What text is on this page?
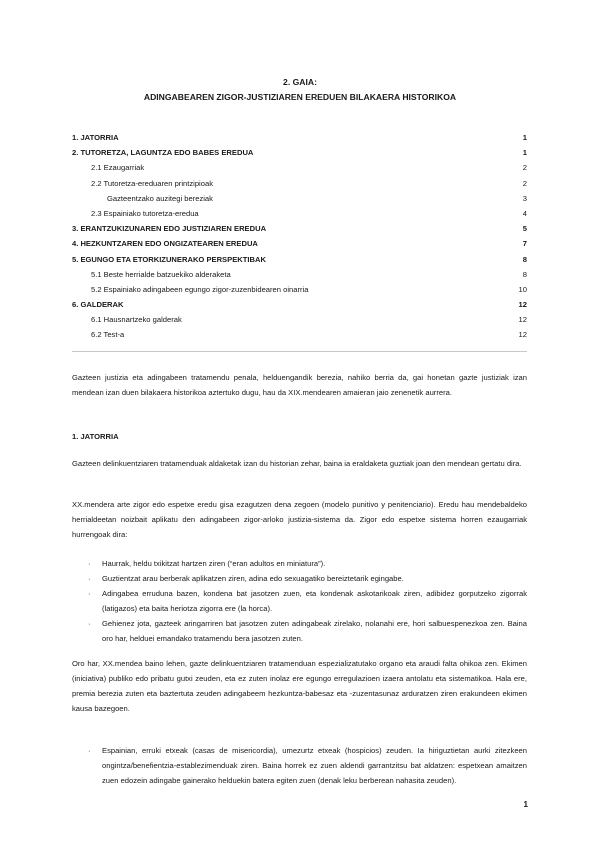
2. GAIA:
ADINGABEAREN ZIGOR-JUSTIZIAREN EREDUEN BILAKAERA HISTORIKOA
1. JATORRIA	1
2. TUTORETZA, LAGUNTZA EDO BABES EREDUA	1
2.1 Ezaugarriak	2
2.2 Tutoretza-ereduaren printzipioak	2
Gazteentzako auzitegi bereziak	3
2.3 Espainiako tutoretza-eredua	4
3. ERANTZUKIZUNAREN EDO JUSTIZIAREN EREDUA	5
4. HEZKUNTZAREN EDO ONGIZATEAREN EREDUA	7
5. EGUNGO ETA ETORKIZUNERAKO PERSPEKTIBAK	8
5.1 Beste herrialde batzuekiko alderaketa	8
5.2 Espainiako adingabeen egungo zigor-zuzenbidearen oinarria	10
6. GALDERAK	12
6.1 Hausnartzeko galderak	12
6.2 Test-a	12

Gazteen justizia eta adingabeen tratamendu penala, helduengandik berezia, nahiko berria da, gai honetan gazte justiziak izan mendean izan duen bilakaera historikoa aztertuko dugu, hau da XIX.mendearen amaieran jaio zenenetik aurrera.

1. JATORRIA

Gazteen delinkuentziaren tratamenduak aldaketak izan du historian zehar, baina ia eraldaketa guztiak joan den mendean gertatu dira.

XX.mendera arte zigor edo espetxe eredu gisa ezagutzen dena zegoen (modelo punitivo y penitenciario). Eredu hau mendebaldeko herrialdeetan noizbait aplikatu den adingabeen zigor-arloko justizia-sistema da. Zigor edo espetxe sistema horren ezaugarriak hurrengoak dira:

· Haurrak, heldu txikitzat hartzen ziren (“eran adultos en miniatura”).
· Guztientzat arau berberak aplikatzen ziren, adina edo sexuagatiko bereiztetarik egingabe.
· Adingabea erruduna bazen, kondena bat jasotzen zuen, eta kondenak askotarikoak ziren, adibidez gorputzeko zigorrak (latigazos) eta baita heriotza zigorra ere (la horca).
· Gehienez jota, gazteek aringarriren bat jasotzen zuten adingabeak zirelako, nolanahi ere, hori salbuespenezkoa zen. Baina oro har, helduei emandako tratamendu bera jasotzen zuten.

Oro har, XX.mendea baino lehen, gazte delinkuentziaren tratamenduan espezializatutako organo eta araudi falta ohikoa zen. Ekimen (iniciativa) publiko edo pribatu gutxi zeuden, eta ez zuten inolaz ere egungo erregulazioen izaera antolatu eta sistematikoa. Hala ere, premia berezia zuten eta baztertuta zeuden adingabeem hezkuntza-babesaz eta -zuzentasunaz arduratzen ziren erakundeen ekimen kausa bazegoen.

· Espainian, erruki etxeak (casas de misericordia), umezurtz etxeak (hospicios) zeuden. Ia hiriguztietan aurki zitezkeen ongintza/benefientzia-establezimenduak ziren. Baina horrek ez zuen aldendi garrantzitsu bat aldatzen: espetxean amaitzen zuen edozein adingabe gainerako helduekin batera egiten zuen (denak leku berberean nahasita zeuden).
1
